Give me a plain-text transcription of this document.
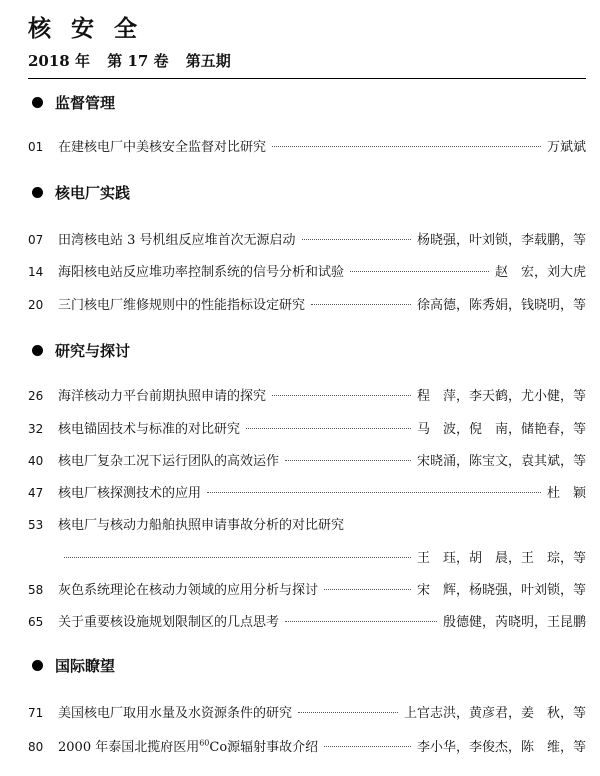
核 安 全
2018 年 第 17 卷 第五期
监督管理
01	在建核电厂中美核安全监督对比研究	万斌斌
核电厂实践
07	田湾核电站 3 号机组反应堆首次无源启动	杨晓强，叶刘锁，李载鹏，等
14	海阳核电站反应堆功率控制系统的信号分析和试验	赵　宏，刘大虎
20	三门核电厂维修规则中的性能指标设定研究	徐高德，陈秀娟，钱晓明，等
研究与探讨
26	海洋核动力平台前期执照申请的探究	程　萍，李天鹤，尤小健，等
32	核电锚固技术与标准的对比研究	马　波，倪　南，储艳春，等
40	核电厂复杂工况下运行团队的高效运作	宋晓涌，陈宝文，袁其斌，等
47	核电厂核探测技术的应用	杜　颖
53	核电厂与核动力船舶执照申请事故分析的对比研究
王　珏，胡　晨，王　琮，等
58	灰色系统理论在核动力领域的应用分析与探讨	宋　辉，杨晓强，叶刘锁，等
65	关于重要核设施规划限制区的几点思考	殷德健，芮晓明，王昆鹏
国际瞭望
71	美国核电厂取用水量及水资源条件的研究	上官志洪，黄彦君，姜　秋，等
80	2000 年泰国北揽府医用$^{60}$Co源辐射事故介绍	李小华，李俊杰，陈　维，等
